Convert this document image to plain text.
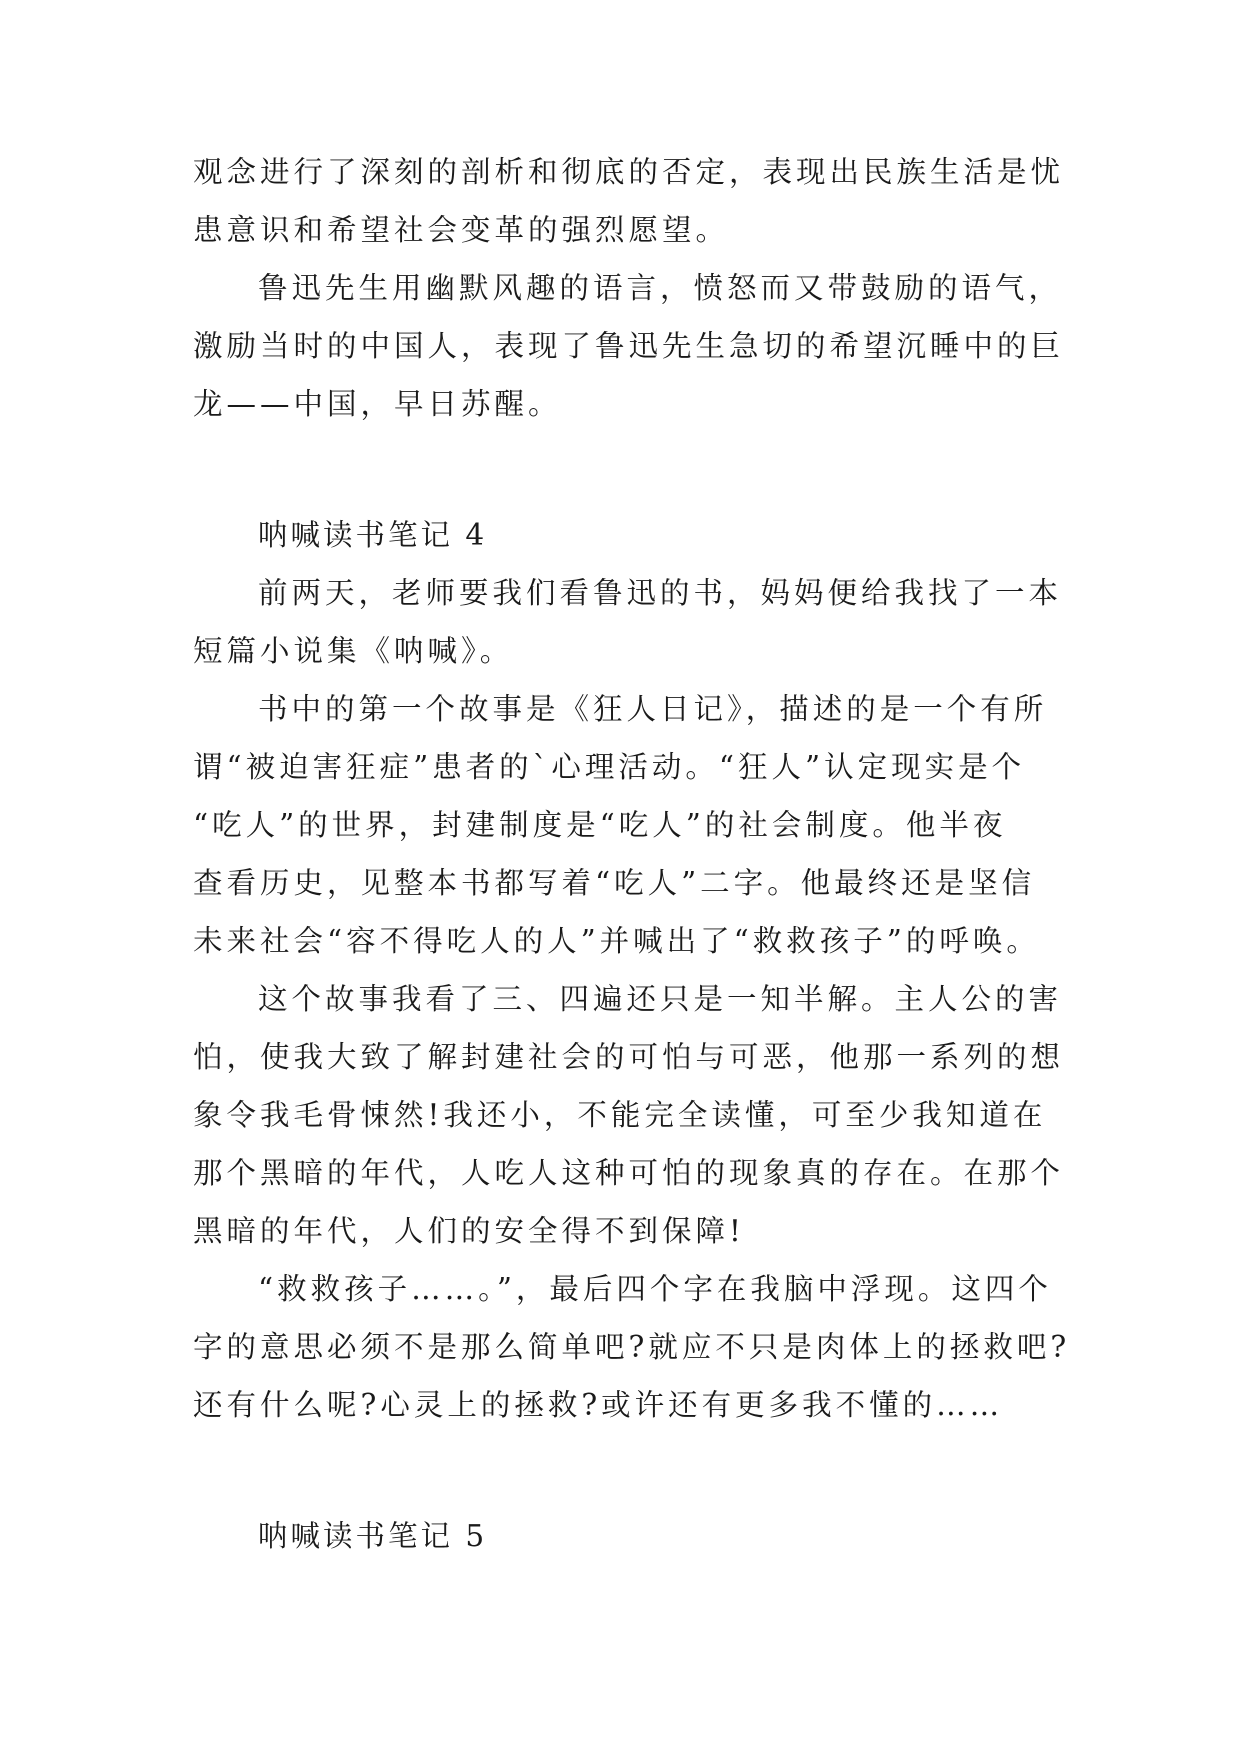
观念进行了深刻的剖析和彻底的否定，表现出民族生活是忧
患意识和希望社会变革的强烈愿望。
鲁迅先生用幽默风趣的语言，愤怒而又带鼓励的语气，
激励当时的中国人，表现了鲁迅先生急切的希望沉睡中的巨
龙——中国，早日苏醒。
呐喊读书笔记 4
前两天，老师要我们看鲁迅的书，妈妈便给我找了一本
短篇小说集《呐喊》。
书中的第一个故事是《狂人日记》，描述的是一个有所
谓“被迫害狂症”患者的`心理活动。“狂人”认定现实是个
“吃人”的世界，封建制度是“吃人”的社会制度。他半夜
查看历史，见整本书都写着“吃人”二字。他最终还是坚信
未来社会“容不得吃人的人”并喊出了“救救孩子”的呼唤。
这个故事我看了三、四遍还只是一知半解。主人公的害
怕，使我大致了解封建社会的可怕与可恶，他那一系列的想
象令我毛骨悚然!我还小，不能完全读懂，可至少我知道在
那个黑暗的年代，人吃人这种可怕的现象真的存在。在那个
黑暗的年代，人们的安全得不到保障!
“救救孩子……。”，最后四个字在我脑中浮现。这四个
字的意思必须不是那么简单吧?就应不只是肉体上的拯救吧?
还有什么呢?心灵上的拯救?或许还有更多我不懂的……
呐喊读书笔记 5
